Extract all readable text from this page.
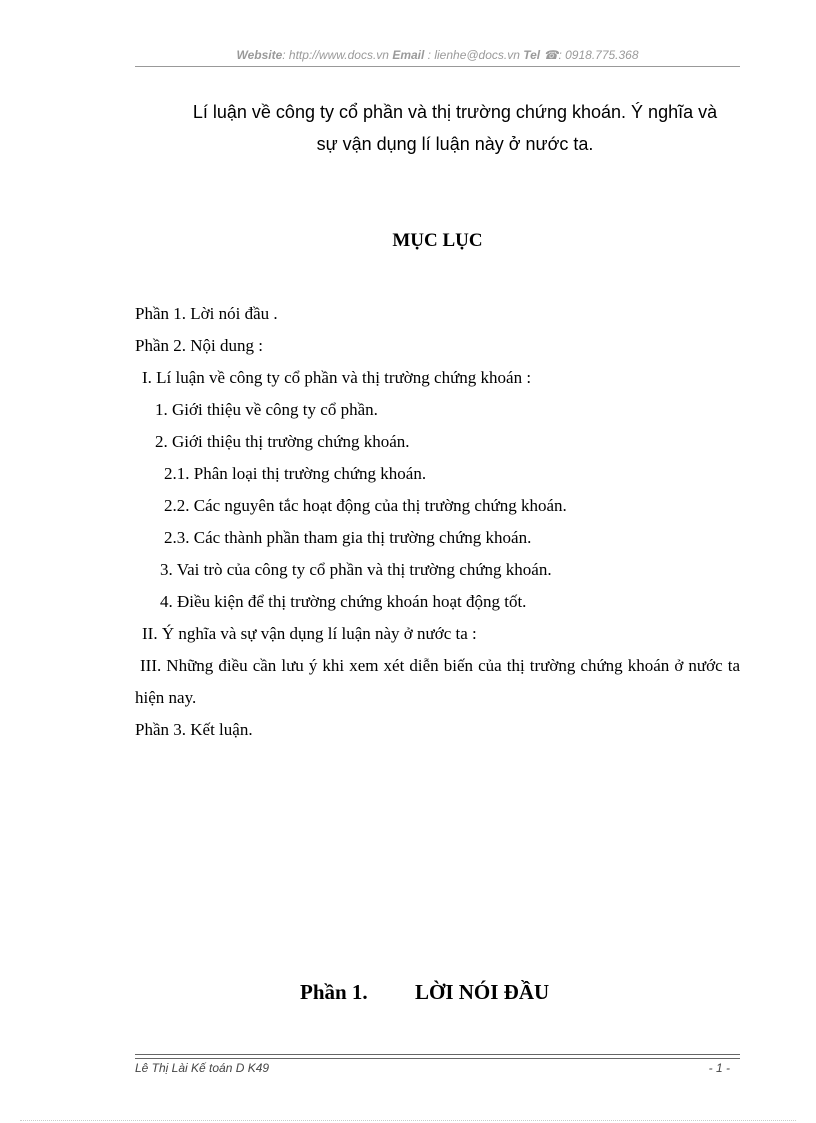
Website: http://www.docs.vn Email : lienhe@docs.vn Tel ☎: 0918.775.368
Lí luận về công ty cổ phần và thị trường chứng khoán. Ý nghĩa và
sự vận dụng lí luận này ở nước ta.
MỤC LỤC
Phần 1. Lời nói đầu .
Phần 2. Nội dung :
I. Lí luận về công ty cổ phần và thị trường chứng khoán :
1. Giới thiệu về công ty cổ phần.
2. Giới thiệu thị trường chứng khoán.
2.1. Phân loại thị trường chứng khoán.
2.2. Các nguyên tắc hoạt động của thị trường chứng khoán.
2.3. Các thành phần tham gia thị trường chứng khoán.
3. Vai trò của công ty cổ phần và thị trường chứng khoán.
4. Điều kiện để thị trường chứng khoán hoạt động tốt.
II. Ý nghĩa và sự vận dụng lí luận này ở nước ta :
III. Những điều cần lưu ý khi xem xét diễn biến của thị trường chứng khoán ở nước ta hiện nay.
Phần 3. Kết luận.
Phần 1. LỜI NÓI ĐẦU
Lê Thị Lài Kế toán D K49	- 1 -
